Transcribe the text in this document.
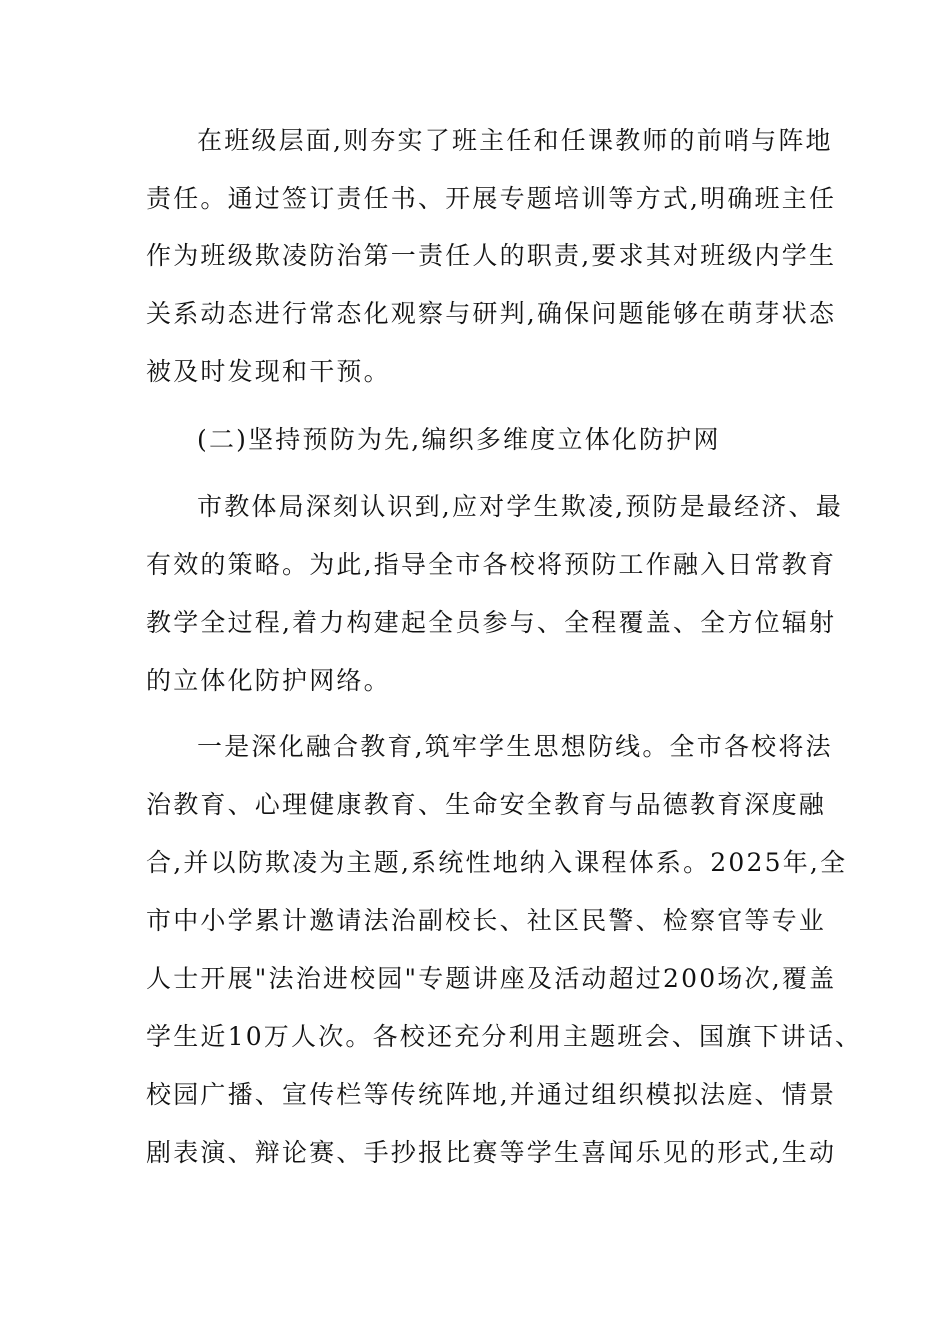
在班级层面,则夯实了班主任和任课教师的前哨与阵地
责任。通过签订责任书、开展专题培训等方式,明确班主任
作为班级欺凌防治第一责任人的职责,要求其对班级内学生
关系动态进行常态化观察与研判,确保问题能够在萌芽状态
被及时发现和干预。
(二)坚持预防为先,编织多维度立体化防护网
市教体局深刻认识到,应对学生欺凌,预防是最经济、最
有效的策略。为此,指导全市各校将预防工作融入日常教育
教学全过程,着力构建起全员参与、全程覆盖、全方位辐射
的立体化防护网络。
一是深化融合教育,筑牢学生思想防线。全市各校将法
治教育、心理健康教育、生命安全教育与品德教育深度融
合,并以防欺凌为主题,系统性地纳入课程体系。2025年,全
市中小学累计邀请法治副校长、社区民警、检察官等专业
人士开展"法治进校园"专题讲座及活动超过200场次,覆盖
学生近10万人次。各校还充分利用主题班会、国旗下讲话、
校园广播、宣传栏等传统阵地,并通过组织模拟法庭、情景
剧表演、辩论赛、手抄报比赛等学生喜闻乐见的形式,生动
